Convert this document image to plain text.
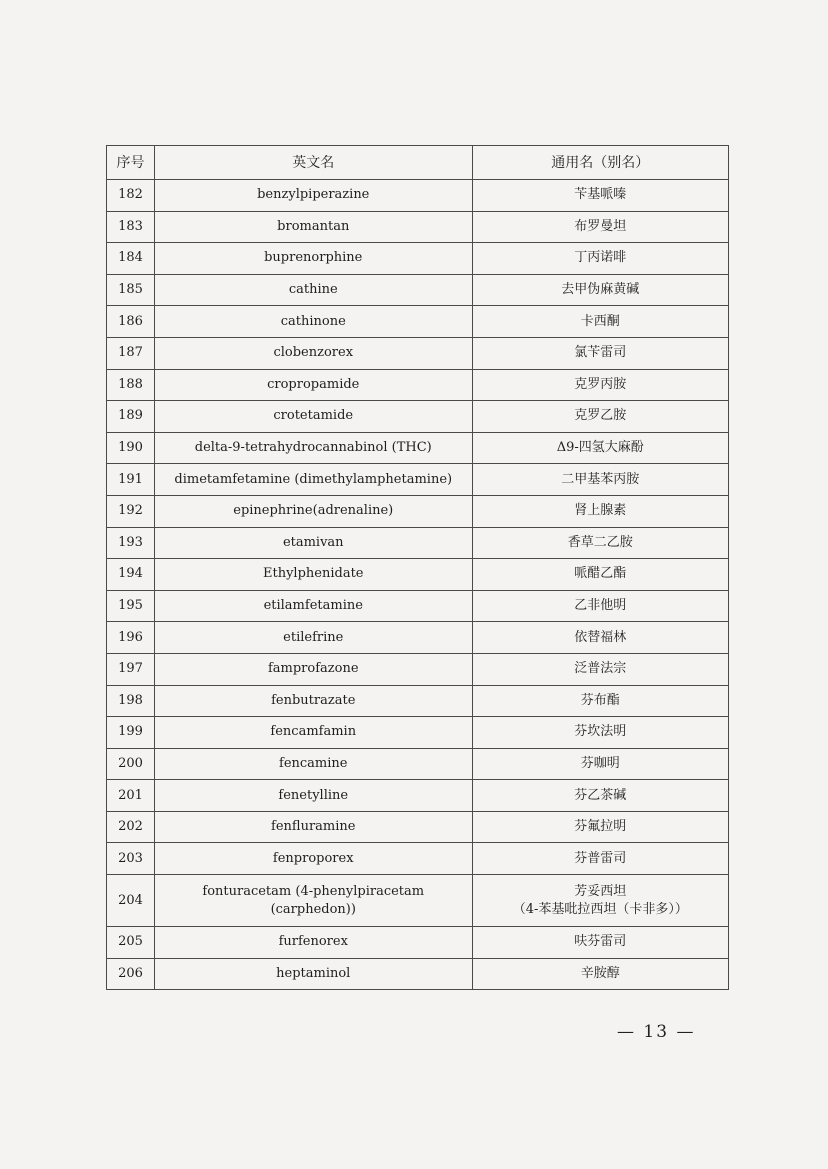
序号	英文名	通用名（别名）
182	benzylpiperazine	苄基哌嗪

183	bromantan	布罗曼坦

184	buprenorphine	丁丙诺啡

185	cathine	去甲伪麻黄碱

186	cathinone	卡西酮

187	clobenzorex	氯苄雷司

188	cropropamide	克罗丙胺

189	crotetamide	克罗乙胺

190	delta-9-tetrahydrocannabinol (THC)	Δ9-四氢大麻酚

191	dimetamfetamine (dimethylamphetamine)	二甲基苯丙胺

192	epinephrine(adrenaline)	肾上腺素

193	etamivan	香草二乙胺

194	Ethylphenidate	哌醋乙酯

195	etilamfetamine	乙非他明

196	etilefrine	依替福林

197	famprofazone	泛普法宗

198	fenbutrazate	芬布酯

199	fencamfamin	芬坎法明

200	fencamine	芬咖明

201	fenetylline	芬乙茶碱

202	fenfluramine	芬氟拉明

203	fenproporex	芬普雷司

204	fonturacetam (4-phenylpiracetam (carphedon))	芳妥西坦
（4-苯基吡拉西坦（卡非多））

205	furfenorex	呋芬雷司

206	heptaminol	辛胺醇
— 13 —
